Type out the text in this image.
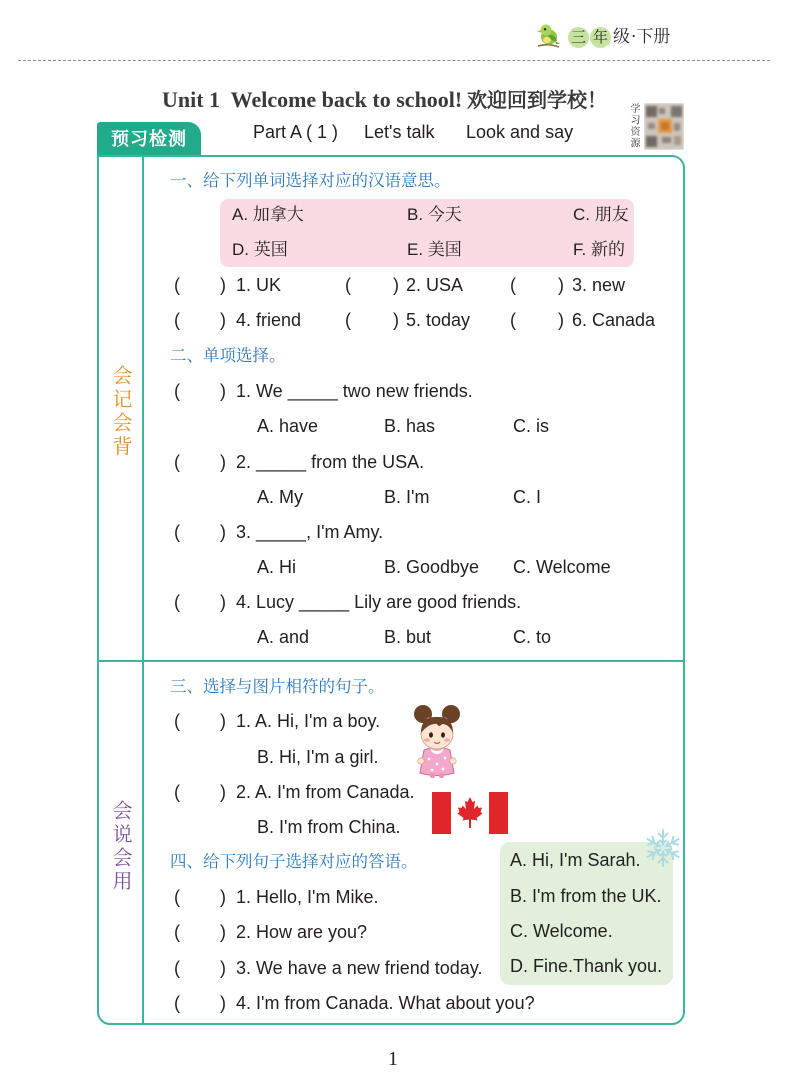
三 年 级 ·下册
Unit 1  Welcome back to school! 欢迎回到学校！
学习资源
预习检测	Part A ( 1 ) Let's talk Look and say
会记会背
会说会用
一、给下列单词选择对应的汉语意思。
A. 加拿大	B. 今天	C. 朋友
D. 英国	E. 美国	F. 新的
( ) 1. UK	( ) 2. USA	( ) 3. new
( ) 4. friend ( ) 5. today ( ) 6. Canada
二、单项选择。
( ) 1. We _____ two new friends.
A. have	B. has	C. is
( ) 2. _____ from the USA.
A. My	B. I'm	C. I
( ) 3. _____, I'm Amy.
A. Hi	B. Goodbye C. Welcome
( ) 4. Lucy _____ Lily are good friends.
A. and	B. but	C. to
三、选择与图片相符的句子。
( ) 1. A. Hi, I'm a boy.
B. Hi, I'm a girl.
( ) 2. A. I'm from Canada.
B. I'm from China.
四、给下列句子选择对应的答语。	A. Hi, I'm Sarah.
B. I'm from the UK.
C. Welcome.
D. Fine.Thank you.
( ) 1. Hello, I'm Mike.
( ) 2. How are you?
( ) 3. We have a new friend today.
( ) 4. I'm from Canada. What about you?
1
